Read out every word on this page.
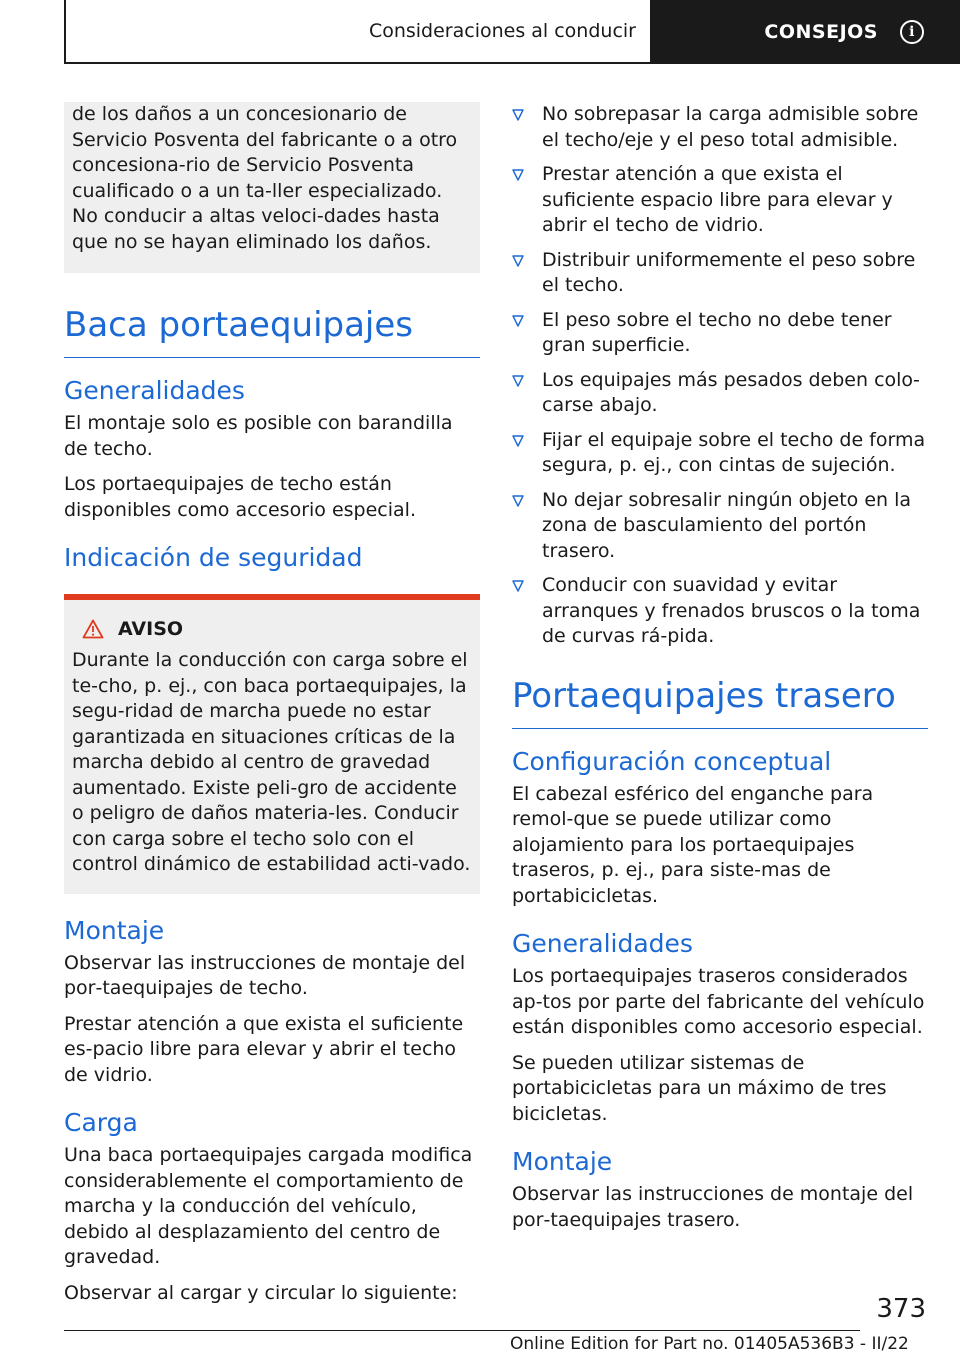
Consideraciones al conducir	CONSEJOS	i

de los daños a un concesionario de Servicio Posventa del fabricante o a otro concesiona‐rio de Servicio Posventa cualificado o a un ta‐ller especializado. No conducir a altas veloci‐dades hasta que no se hayan eliminado los daños.

Baca portaequipajes
Generalidades

El montaje solo es posible con barandilla de techo.

Los portaequipajes de techo están disponibles como accesorio especial.

Indicación de seguridad
AVISO

Durante la conducción con carga sobre el te‐cho, p. ej., con baca portaequipajes, la segu‐ridad de marcha puede no estar garantizada en situaciones críticas de la marcha debido al centro de gravedad aumentado. Existe peli‐gro de accidente o peligro de daños materia‐les. Conducir con carga sobre el techo solo con el control dinámico de estabilidad acti‐vado.

Montaje

Observar las instrucciones de montaje del por‐taequipajes de techo.

Prestar atención a que exista el suficiente es‐pacio libre para elevar y abrir el techo de vidrio.

Carga

Una baca portaequipajes cargada modifica considerablemente el comportamiento de marcha y la conducción del vehículo, debido al desplazamiento del centro de gravedad.

Observar al cargar y circular lo siguiente:

No sobrepasar la carga admisible sobre el techo/eje y el peso total admisible.
Prestar atención a que exista el suficiente espacio libre para elevar y abrir el techo de vidrio.
Distribuir uniformemente el peso sobre el techo.
El peso sobre el techo no debe tener gran superficie.
Los equipajes más pesados deben colo‐carse abajo.
Fijar el equipaje sobre el techo de forma segura, p. ej., con cintas de sujeción.
No dejar sobresalir ningún objeto en la zona de basculamiento del portón trasero.
Conducir con suavidad y evitar arranques y frenados bruscos o la toma de curvas rá‐pida.
Portaequipajes trasero
Configuración conceptual

El cabezal esférico del enganche para remol‐que se puede utilizar como alojamiento para los portaequipajes traseros, p. ej., para siste‐mas de portabicicletas.

Generalidades

Los portaequipajes traseros considerados ap‐tos por parte del fabricante del vehículo están disponibles como accesorio especial.

Se pueden utilizar sistemas de portabicicletas para un máximo de tres bicicletas.

Montaje

Observar las instrucciones de montaje del por‐taequipajes trasero.

373
Online Edition for Part no. 01405A536B3 - II/22
